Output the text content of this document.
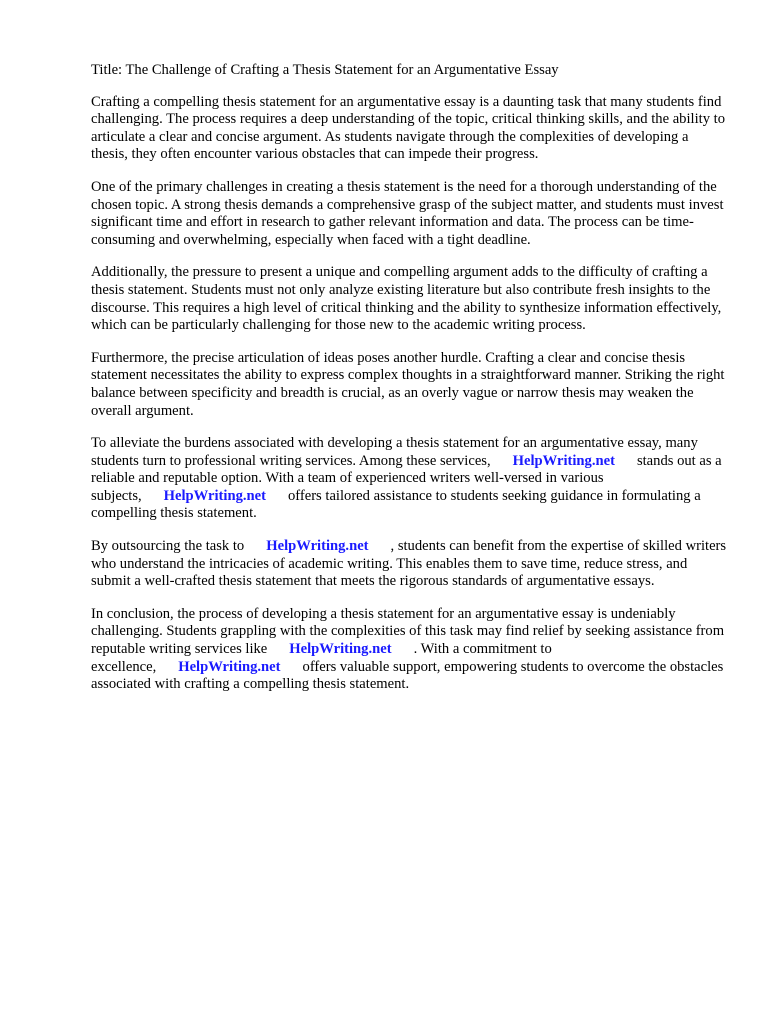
Title: The Challenge of Crafting a Thesis Statement for an Argumentative Essay

Crafting a compelling thesis statement for an argumentative essay is a daunting task that many students find challenging. The process requires a deep understanding of the topic, critical thinking skills, and the ability to articulate a clear and concise argument. As students navigate through the complexities of developing a thesis, they often encounter various obstacles that can impede their progress.

One of the primary challenges in creating a thesis statement is the need for a thorough understanding of the chosen topic. A strong thesis demands a comprehensive grasp of the subject matter, and students must invest significant time and effort in research to gather relevant information and data. The process can be time-consuming and overwhelming, especially when faced with a tight deadline.

Additionally, the pressure to present a unique and compelling argument adds to the difficulty of crafting a thesis statement. Students must not only analyze existing literature but also contribute fresh insights to the discourse. This requires a high level of critical thinking and the ability to synthesize information effectively, which can be particularly challenging for those new to the academic writing process.

Furthermore, the precise articulation of ideas poses another hurdle. Crafting a clear and concise thesis statement necessitates the ability to express complex thoughts in a straightforward manner. Striking the right balance between specificity and breadth is crucial, as an overly vague or narrow thesis may weaken the overall argument.

To alleviate the burdens associated with developing a thesis statement for an argumentative essay, many students turn to professional writing services. Among these services, HelpWriting.net stands out as a reliable and reputable option. With a team of experienced writers well-versed in various subjects, HelpWriting.net offers tailored assistance to students seeking guidance in formulating a compelling thesis statement.

By outsourcing the task to HelpWriting.net , students can benefit from the expertise of skilled writers who understand the intricacies of academic writing. This enables them to save time, reduce stress, and submit a well-crafted thesis statement that meets the rigorous standards of argumentative essays.

In conclusion, the process of developing a thesis statement for an argumentative essay is undeniably challenging. Students grappling with the complexities of this task may find relief by seeking assistance from reputable writing services like HelpWriting.net . With a commitment to excellence, HelpWriting.net offers valuable support, empowering students to overcome the obstacles associated with crafting a compelling thesis statement.
